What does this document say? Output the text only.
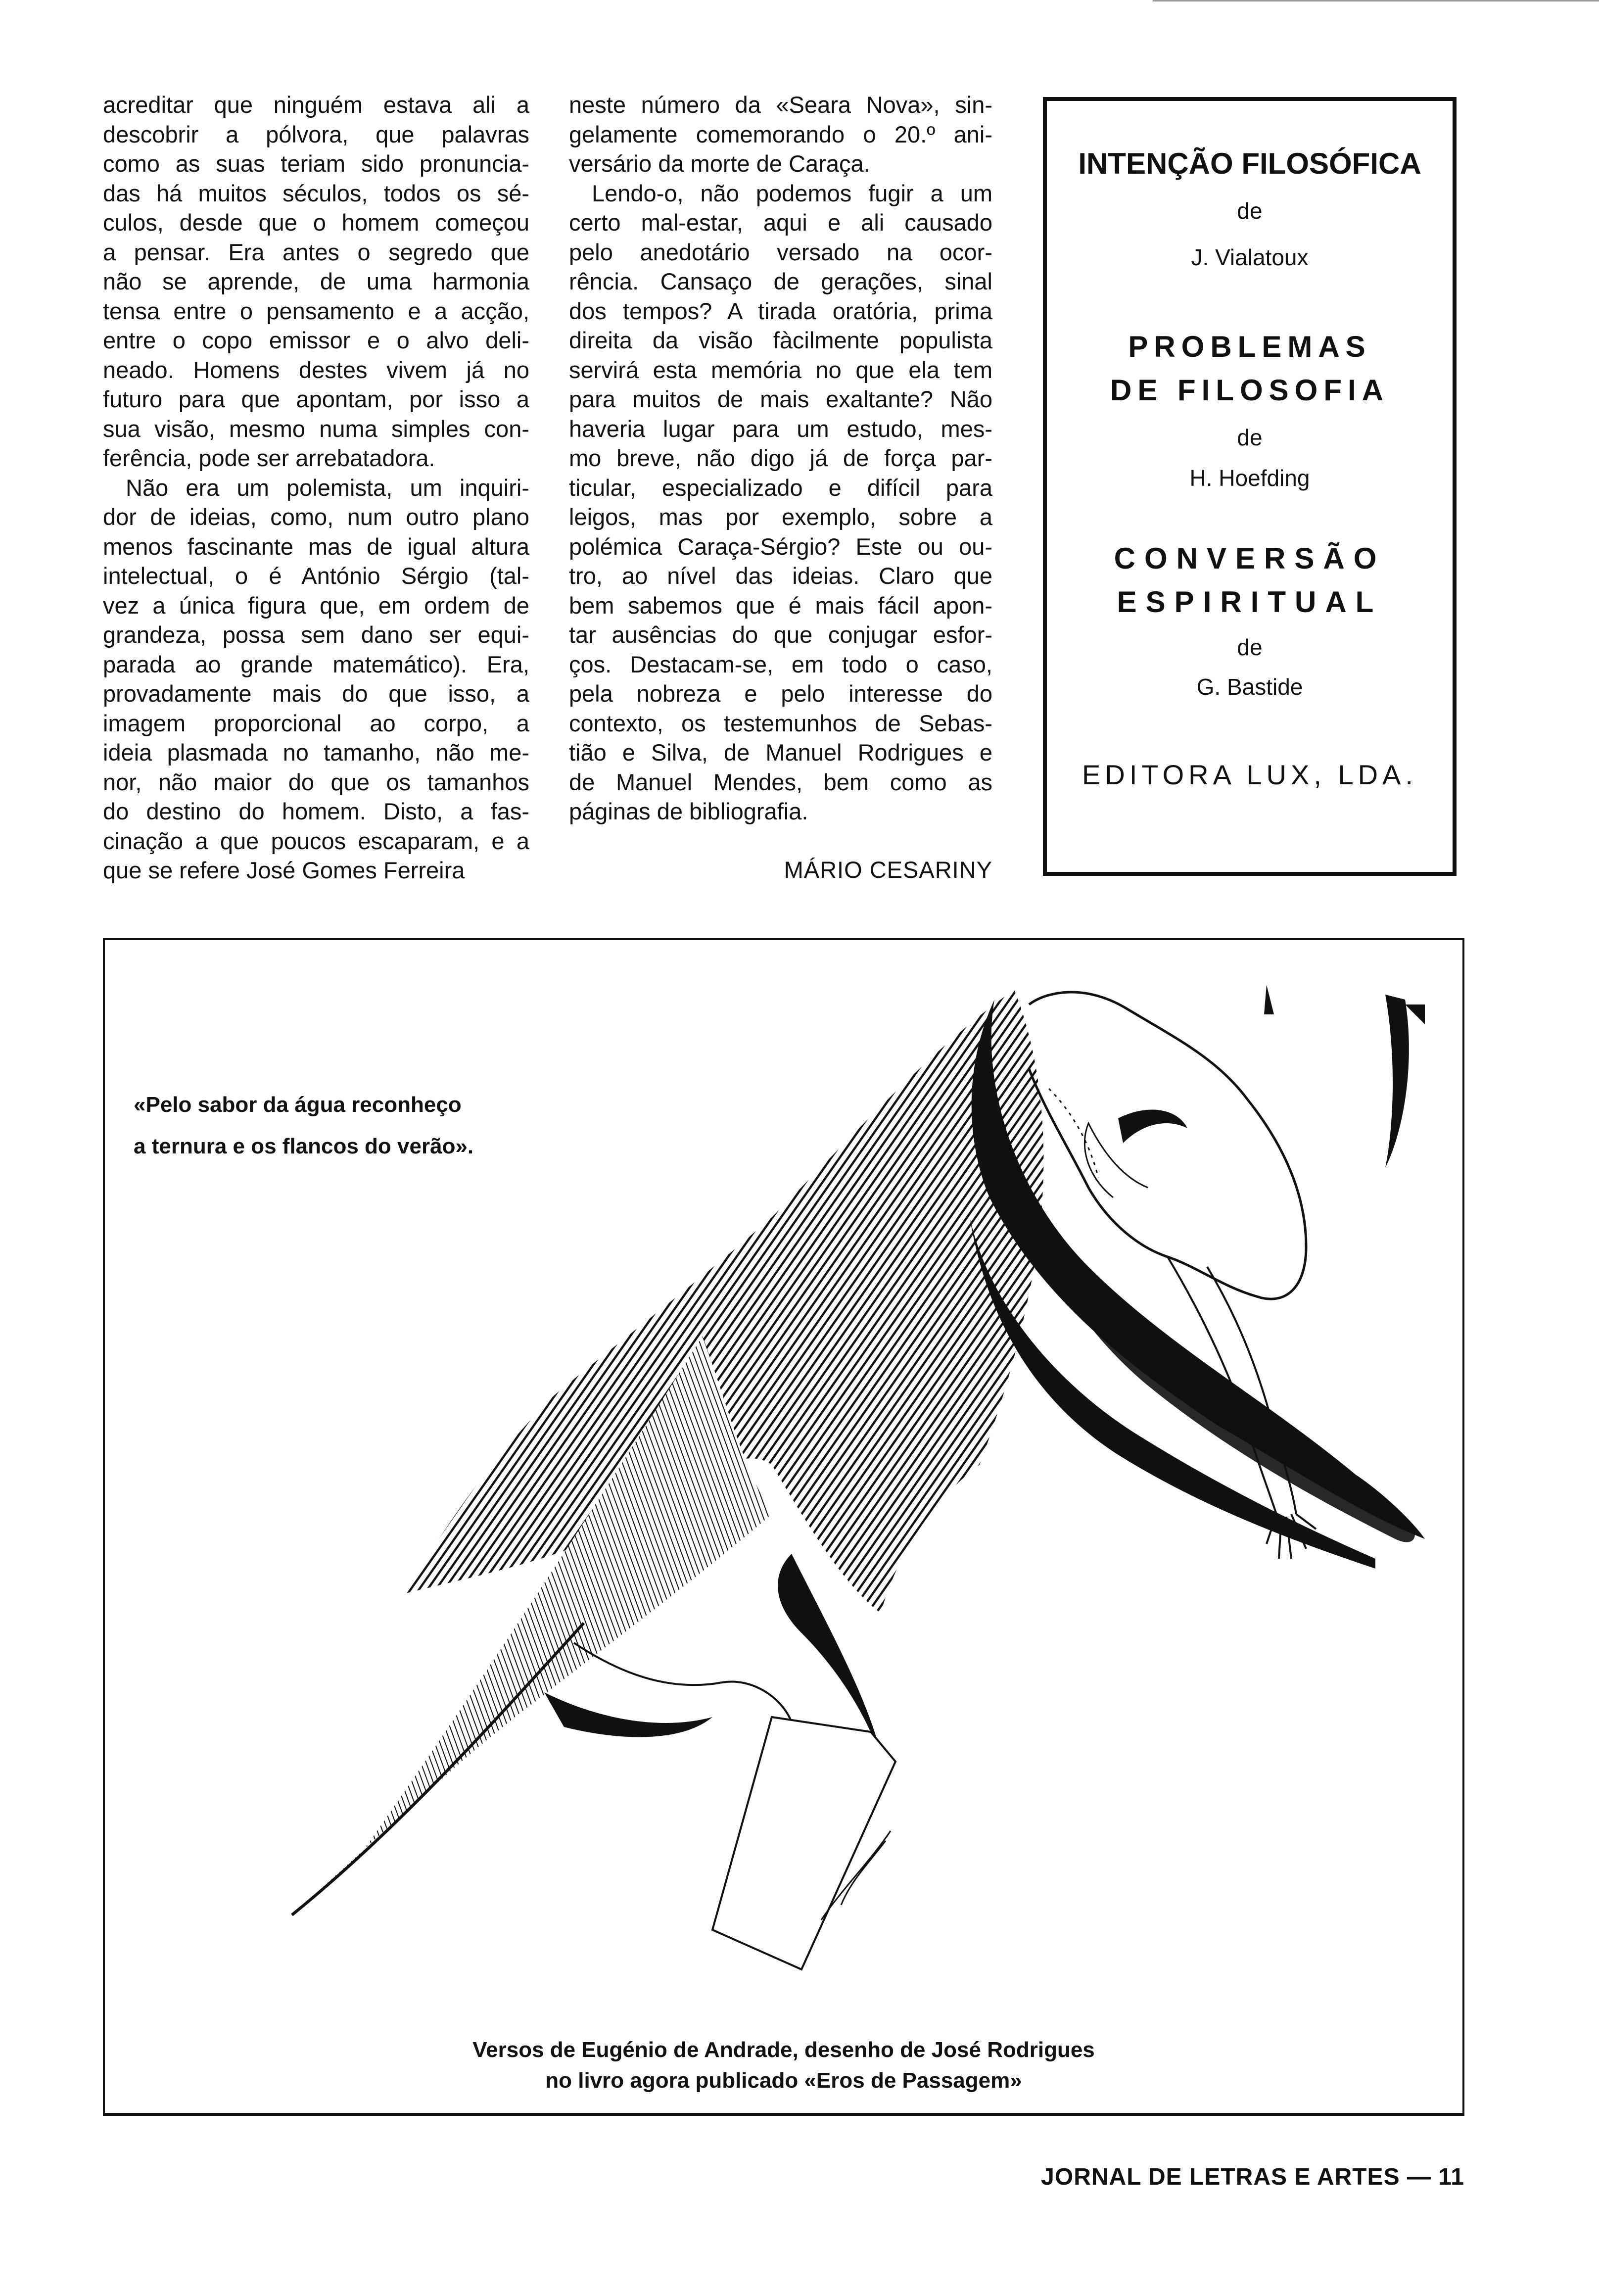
acreditar que ninguém estava ali a

descobrir a pólvora, que palavras

como as suas teriam sido pronuncia-

das há muitos séculos, todos os sé-

culos, desde que o homem começou

a pensar. Era antes o segredo que

não se aprende, de uma harmonia

tensa entre o pensamento e a acção,

entre o copo emissor e o alvo deli-

neado. Homens destes vivem já no

futuro para que apontam, por isso a

sua visão, mesmo numa simples con-

ferência, pode ser arrebatadora.

Não era um polemista, um inquiri-

dor de ideias, como, num outro plano

menos fascinante mas de igual altura

intelectual, o é António Sérgio (tal-

vez a única figura que, em ordem de

grandeza, possa sem dano ser equi-

parada ao grande matemático). Era,

provadamente mais do que isso, a

imagem proporcional ao corpo, a

ideia plasmada no tamanho, não me-

nor, não maior do que os tamanhos

do destino do homem. Disto, a fas-

cinação a que poucos escaparam, e a

que se refere José Gomes Ferreira

neste número da «Seara Nova», sin-

gelamente comemorando o 20.º ani-

versário da morte de Caraça.

Lendo-o, não podemos fugir a um

certo mal-estar, aqui e ali causado

pelo anedotário versado na ocor-

rência. Cansaço de gerações, sinal

dos tempos? A tirada oratória, prima

direita da visão fàcilmente populista

servirá esta memória no que ela tem

para muitos de mais exaltante? Não

haveria lugar para um estudo, mes-

mo breve, não digo já de força par-

ticular, especializado e difícil para

leigos, mas por exemplo, sobre a

polémica Caraça-Sérgio? Este ou ou-

tro, ao nível das ideias. Claro que

bem sabemos que é mais fácil apon-

tar ausências do que conjugar esfor-

ços. Destacam-se, em todo o caso,

pela nobreza e pelo interesse do

contexto, os testemunhos de Sebas-

tião e Silva, de Manuel Rodrigues e

de Manuel Mendes, bem como as

páginas de bibliografia.

MÁRIO CESARINY
INTENÇÃO FILOSÓFICA
de
J. Vialatoux
PROBLEMAS
DE FILOSOFIA
de
H. Hoefding
CONVERSÃO
ESPIRITUAL
de
G. Bastide
EDITORA LUX, LDA.
«Pelo sabor da água reconheço
a ternura e os flancos do verão».
Versos de Eugénio de Andrade, desenho de José Rodrigues
no livro agora publicado «Eros de Passagem»
JORNAL DE LETRAS E ARTES — 11
